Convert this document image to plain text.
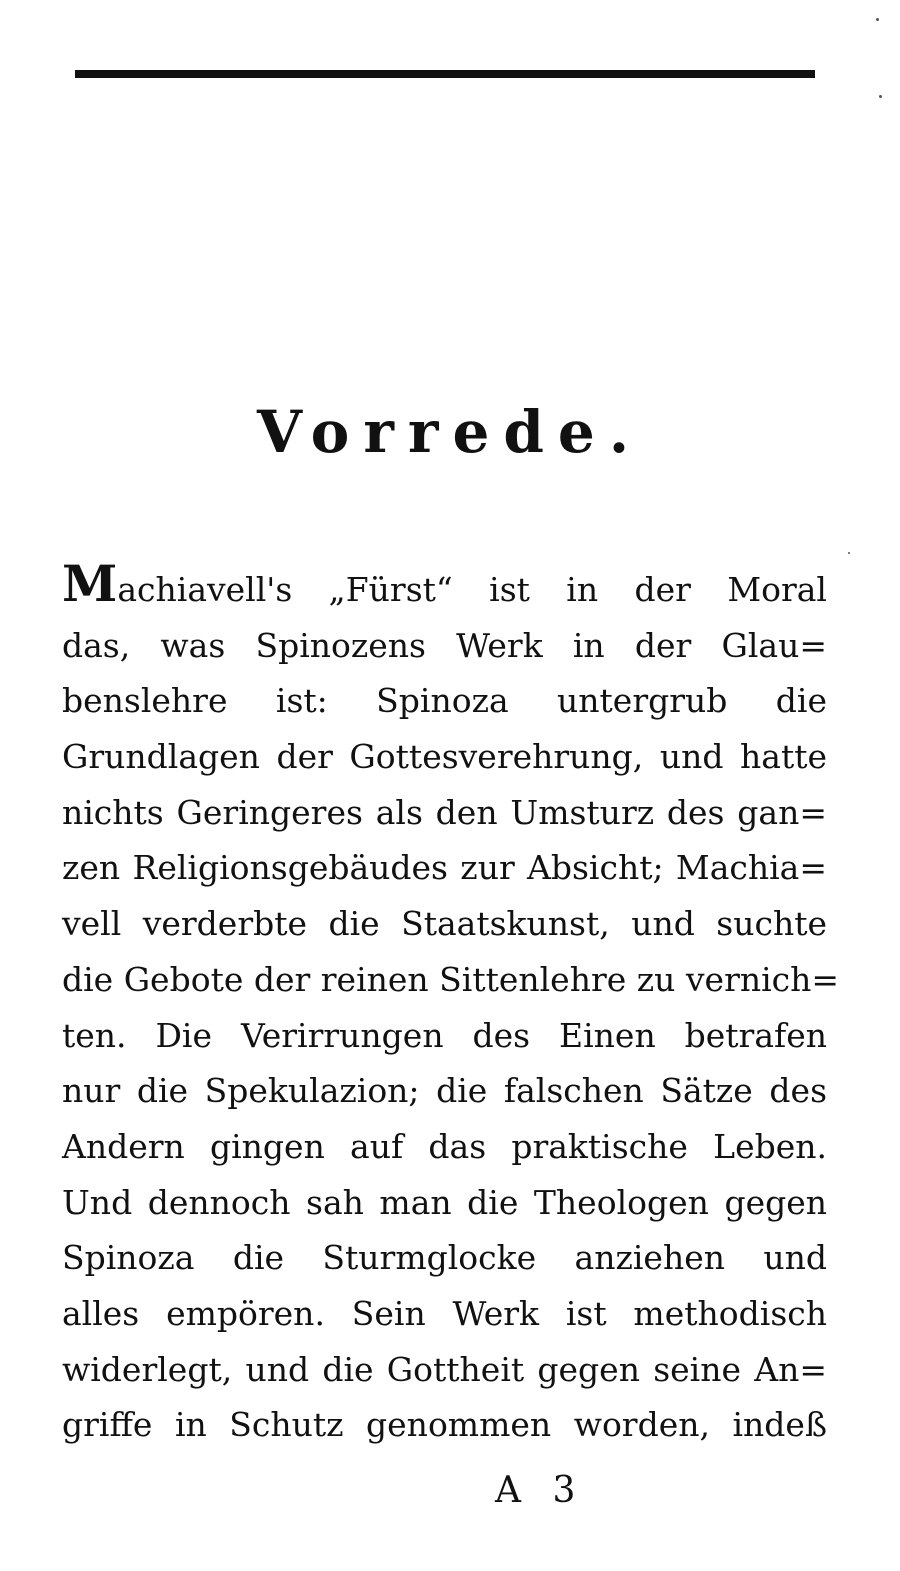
Vorrede.
Machiavell's „Fürst“ ist in der Moral
das, was Spinozens Werk in der Glau=
benslehre ist: Spinoza untergrub die
Grundlagen der Gottesverehrung, und hatte
nichts Geringeres als den Umsturz des gan=
zen Religionsgebäudes zur Absicht; Machia=
vell verderbte die Staatskunst, und suchte
die Gebote der reinen Sittenlehre zu vernich=
ten. Die Verirrungen des Einen betrafen
nur die Spekulazion; die falschen Sätze des
Andern gingen auf das praktische Leben.
Und dennoch sah man die Theologen gegen
Spinoza die Sturmglocke anziehen und
alles empören. Sein Werk ist methodisch
widerlegt, und die Gottheit gegen seine An=
griffe in Schutz genommen worden, indeß
A 3
